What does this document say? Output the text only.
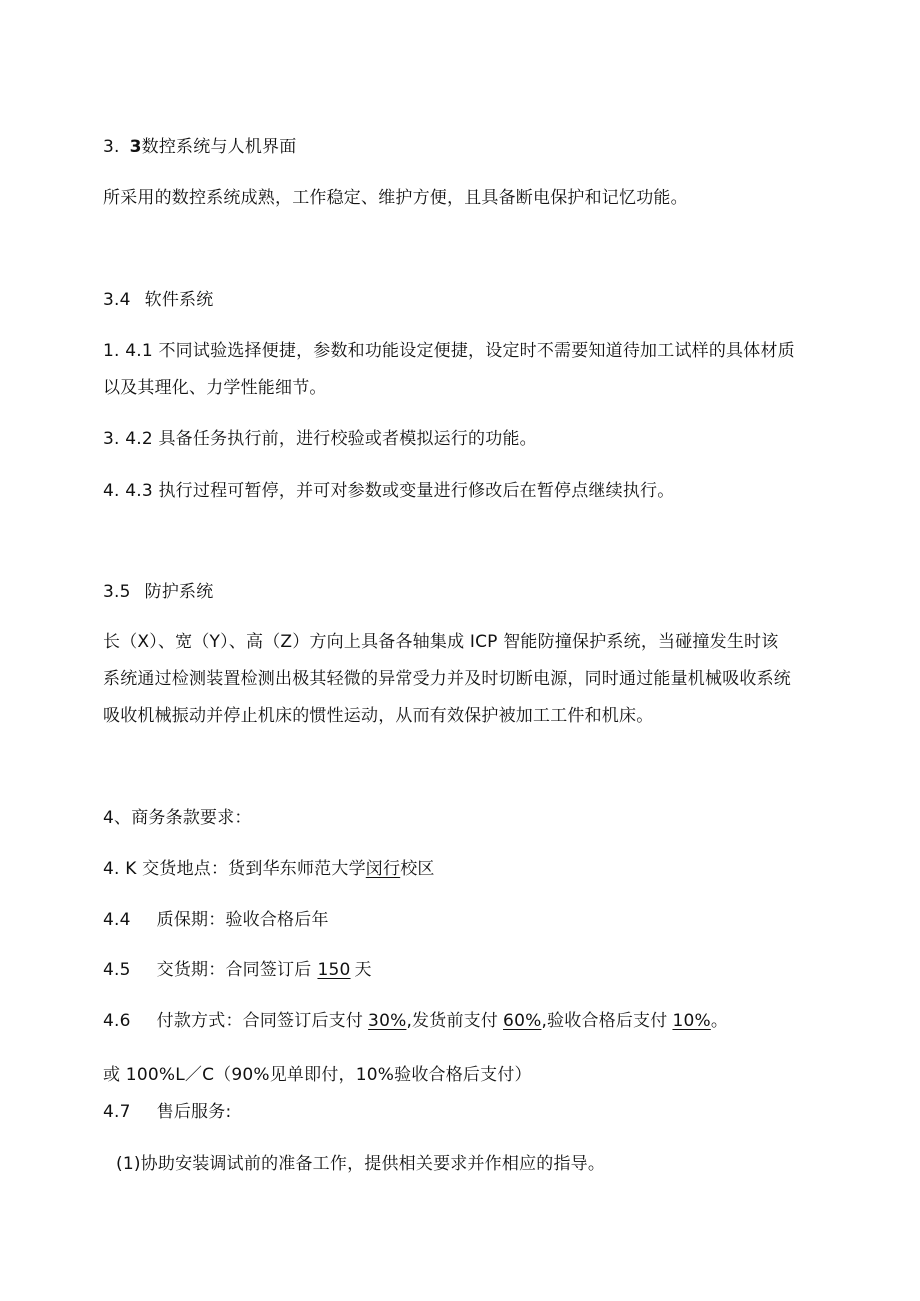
3. 3数控系统与人机界面
所采用的数控系统成熟，工作稳定、维护方便，且具备断电保护和记忆功能。
3.4 软件系统
1. 4.1 不同试验选择便捷，参数和功能设定便捷，设定时不需要知道待加工试样的具体材质
以及其理化、力学性能细节。
3. 4.2 具备任务执行前，进行校验或者模拟运行的功能。
4. 4.3 执行过程可暂停，并可对参数或变量进行修改后在暂停点继续执行。
3.5 防护系统
长（X）、宽（Y）、高（Z）方向上具备各轴集成 ICP 智能防撞保护系统，当碰撞发生时该
系统通过检测装置检测出极其轻微的异常受力并及时切断电源，同时通过能量机械吸收系统
吸收机械振动并停止机床的惯性运动，从而有效保护被加工工件和机床。
4、商务条款要求：
4. K 交货地点：货到华东师范大学闵行校区
4.4 质保期：验收合格后年
4.5 交货期：合同签订后 150 天
4.6 付款方式：合同签订后支付 30%,发货前支付 60%,验收合格后支付 10%。
或 100%L／C（90%见单即付，10%验收合格后支付）
4.7 售后服务:
(1)协助安装调试前的准备工作，提供相关要求并作相应的指导。
